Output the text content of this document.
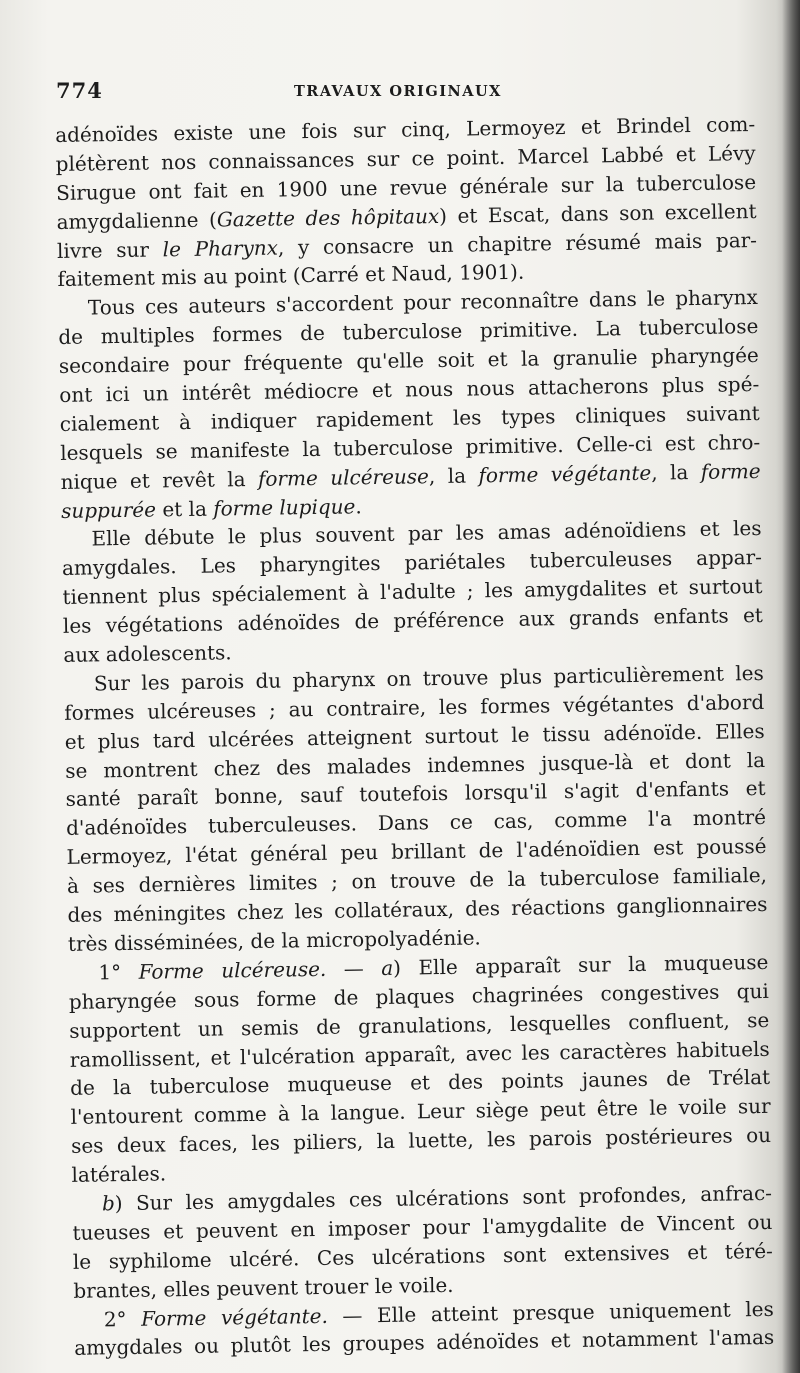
774	TRAVAUX ORIGINAUX
adénoïdes existe une fois sur cinq, Lermoyez et Brindel com-
plétèrent nos connaissances sur ce point. Marcel Labbé et Lévy
Sirugue ont fait en 1900 une revue générale sur la tuberculose
amygdalienne (Gazette des hôpitaux) et Escat, dans son excellent
livre sur le Pharynx, y consacre un chapitre résumé mais par-
faitement mis au point (Carré et Naud, 1901).
Tous ces auteurs s'accordent pour reconnaître dans le pharynx
de multiples formes de tuberculose primitive. La tuberculose
secondaire pour fréquente qu'elle soit et la granulie pharyngée
ont ici un intérêt médiocre et nous nous attacherons plus spé-
cialement à indiquer rapidement les types cliniques suivant
lesquels se manifeste la tuberculose primitive. Celle-ci est chro-
nique et revêt la forme ulcéreuse, la forme végétante, la forme
suppurée et la forme lupique.
Elle débute le plus souvent par les amas adénoïdiens et les
amygdales. Les pharyngites pariétales tuberculeuses appar-
tiennent plus spécialement à l'adulte ; les amygdalites et surtout
les végétations adénoïdes de préférence aux grands enfants et
aux adolescents.
Sur les parois du pharynx on trouve plus particulièrement les
formes ulcéreuses ; au contraire, les formes végétantes d'abord
et plus tard ulcérées atteignent surtout le tissu adénoïde. Elles
se montrent chez des malades indemnes jusque-là et dont la
santé paraît bonne, sauf toutefois lorsqu'il s'agit d'enfants et
d'adénoïdes tuberculeuses. Dans ce cas, comme l'a montré
Lermoyez, l'état général peu brillant de l'adénoïdien est poussé
à ses dernières limites ; on trouve de la tuberculose familiale,
des méningites chez les collatéraux, des réactions ganglionnaires
très disséminées, de la micropolyadénie.
1° Forme ulcéreuse. — a) Elle apparaît sur la muqueuse
pharyngée sous forme de plaques chagrinées congestives qui
supportent un semis de granulations, lesquelles confluent, se
ramollissent, et l'ulcération apparaît, avec les caractères habituels
de la tuberculose muqueuse et des points jaunes de Trélat
l'entourent comme à la langue. Leur siège peut être le voile sur
ses deux faces, les piliers, la luette, les parois postérieures ou
latérales.
b) Sur les amygdales ces ulcérations sont profondes, anfrac-
tueuses et peuvent en imposer pour l'amygdalite de Vincent ou
le syphilome ulcéré. Ces ulcérations sont extensives et téré-
brantes, elles peuvent trouer le voile.
2° Forme végétante. — Elle atteint presque uniquement les
amygdales ou plutôt les groupes adénoïdes et notamment l'amas
